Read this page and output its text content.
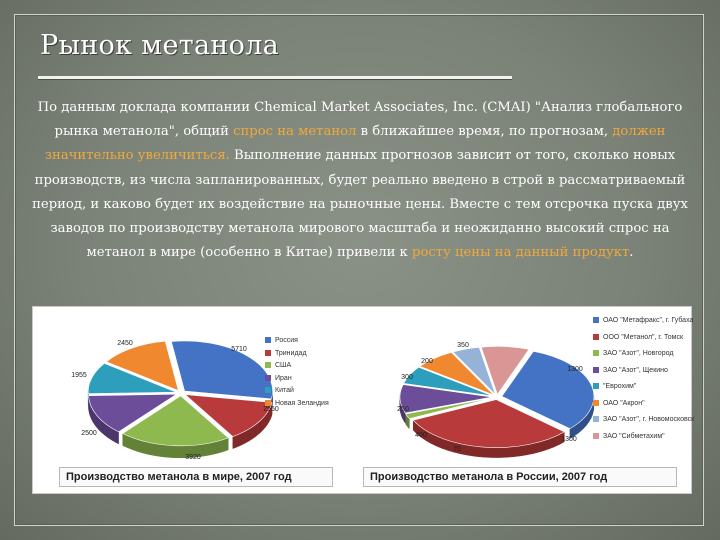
Рынок метанола
По данным доклада компании Chemical Market Associates, Inc. (CMAI) "Анализ глобального рынка метанола", общий спрос на метанол в ближайшее время, по прогнозам, должен значительно увеличиться. Выполнение данных прогнозов зависит от того, сколько новых производств, из числа запланированных, будет реально введено в строй в рассматриваемый период, и каково будет их воздействие на рыночные цены. Вместе с тем отсрочка пуска двух заводов по производству метанола мирового масштаба и неожиданно высокий спрос на метанол в мире (особенно в Китае) привели к росту цены на данный продукт.
5710
2550
3920
2500
1955
2450	Россия
Тринидад
США
Иран
Китай
Новая Зеландия
Производство метанола в мире, 2007 год
1300
1300
70
400
250
300
200
350
ОАО "Метафракс", г. Губаха
ООО "Метанол", г. Томск
ЗАО "Азот", Новгород
ЗАО "Азот", Щекино
"Еврохим"
ОАО "Акрон"
ЗАО "Азот", г. Новомосковск
ЗАО "Сибметахим"
Производство метанола в России, 2007 год
